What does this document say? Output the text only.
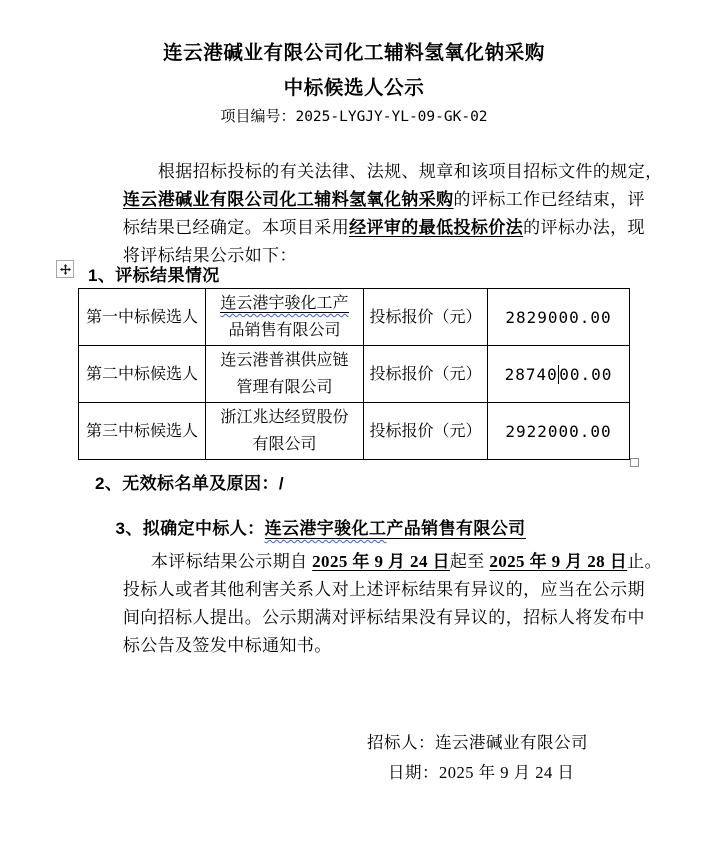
连云港碱业有限公司化工辅料氢氧化钠采购
中标候选人公示
项目编号：2025-LYGJY-YL-09-GK-02

根据招标投标的有关法律、法规、规章和该项目招标文件的规定，

连云港碱业有限公司化工辅料氢氧化钠采购的评标工作已经结束，评

标结果已经确定。本项目采用经评审的最低投标价法的评标办法，现

将评标结果公示如下：

1、评标结果情况
第一中标候选人	连云港宇骏化工产
品销售有限公司	投标报价（元）	2829000.00
第二中标候选人	连云港普祺供应链
管理有限公司	投标报价（元）	2874000.00
第三中标候选人	浙江兆达经贸股份
有限公司	投标报价（元）	2922000.00
2、无效标名单及原因：/

3、拟确定中标人：连云港宇骏化工产品销售有限公司

本评标结果公示期自 2025 年 9 月 24 日起至 2025 年 9 月 28 日止。

投标人或者其他利害关系人对上述评标结果有异议的，应当在公示期

间向招标人提出。公示期满对评标结果没有异议的，招标人将发布中

标公告及签发中标通知书。

招标人：连云港碱业有限公司
日期：2025 年 9 月 24 日
